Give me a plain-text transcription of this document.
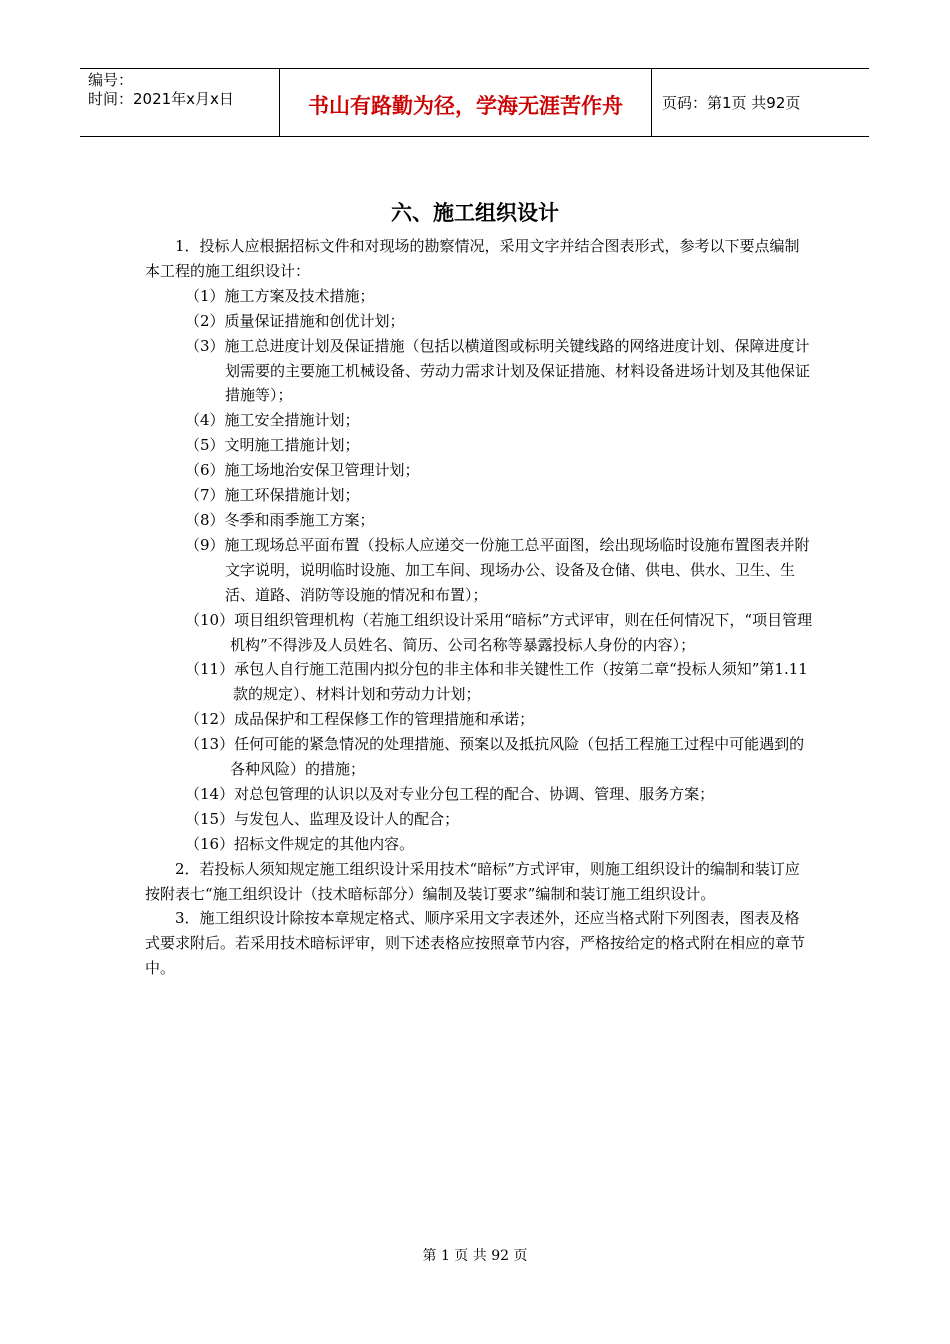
编号：
时间：2021年x月x日	书山有路勤为径，学海无涯苦作舟	页码：第1页 共92页
六、施工组织设计

1．投标人应根据招标文件和对现场的勘察情况，采用文字并结合图表形式，参考以下要点编制本工程的施工组织设计：

（1）施工方案及技术措施；

（2）质量保证措施和创优计划；

（3）施工总进度计划及保证措施（包括以横道图或标明关键线路的网络进度计划、保障进度计划需要的主要施工机械设备、劳动力需求计划及保证措施、材料设备进场计划及其他保证措施等）；

（4）施工安全措施计划；

（5）文明施工措施计划；

（6）施工场地治安保卫管理计划；

（7）施工环保措施计划；

（8）冬季和雨季施工方案；

（9）施工现场总平面布置（投标人应递交一份施工总平面图，绘出现场临时设施布置图表并附文字说明，说明临时设施、加工车间、现场办公、设备及仓储、供电、供水、卫生、生活、道路、消防等设施的情况和布置）；

（10）项目组织管理机构（若施工组织设计采用“暗标”方式评审，则在任何情况下，“项目管理机构”不得涉及人员姓名、简历、公司名称等暴露投标人身份的内容）；

（11）承包人自行施工范围内拟分包的非主体和非关键性工作（按第二章“投标人须知”第1.11款的规定）、材料计划和劳动力计划；

（12）成品保护和工程保修工作的管理措施和承诺；

（13）任何可能的紧急情况的处理措施、预案以及抵抗风险（包括工程施工过程中可能遇到的各种风险）的措施；

（14）对总包管理的认识以及对专业分包工程的配合、协调、管理、服务方案；

（15）与发包人、监理及设计人的配合；

（16）招标文件规定的其他内容。

2．若投标人须知规定施工组织设计采用技术“暗标”方式评审，则施工组织设计的编制和装订应按附表七“施工组织设计（技术暗标部分）编制及装订要求”编制和装订施工组织设计。

3．施工组织设计除按本章规定格式、顺序采用文字表述外，还应当格式附下列图表，图表及格式要求附后。若采用技术暗标评审，则下述表格应按照章节内容，严格按给定的格式附在相应的章节中。

第 1 页 共 92 页
